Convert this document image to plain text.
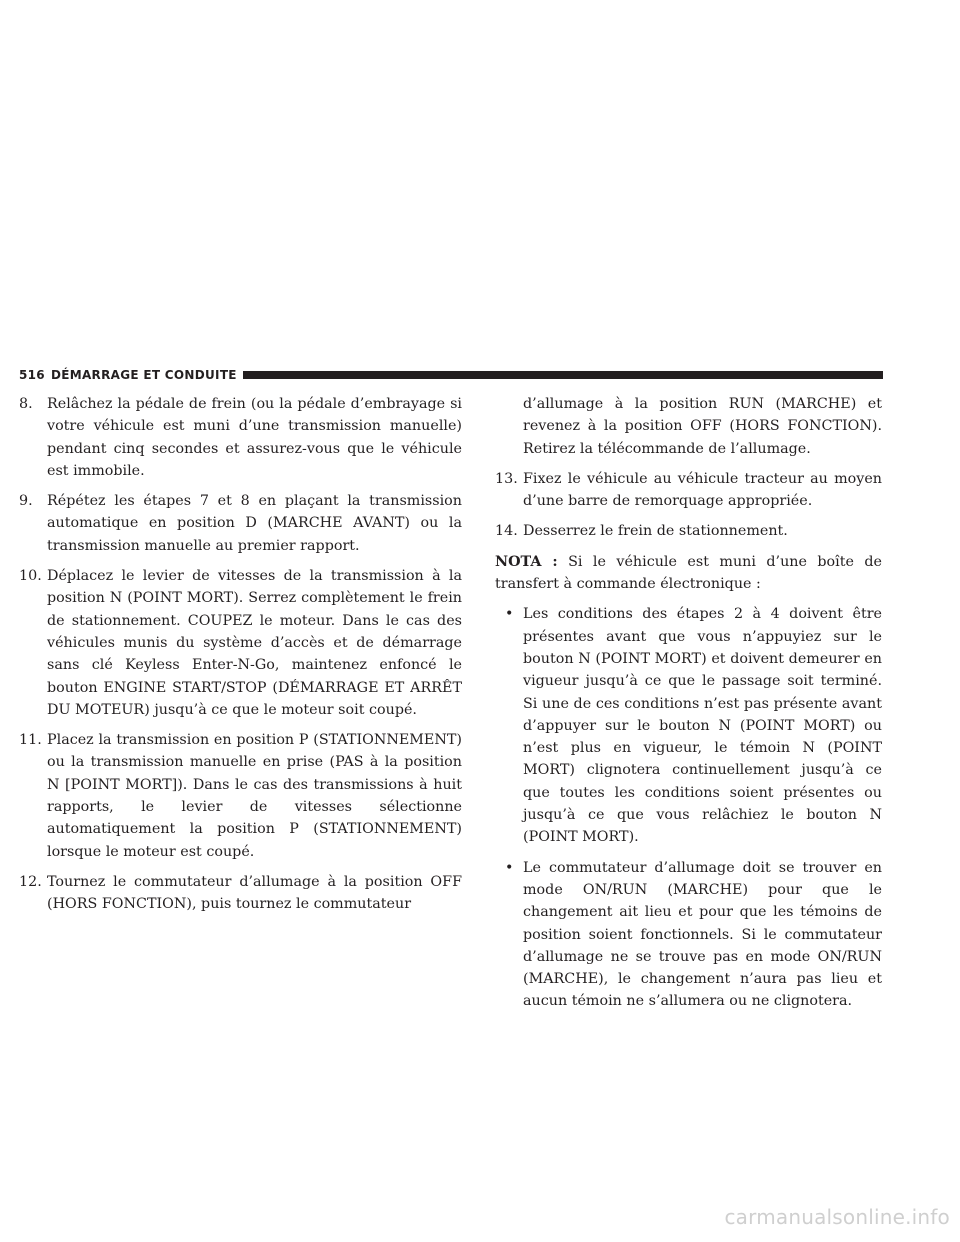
516 DÉMARRAGE ET CONDUITE
8. Relâchez la pédale de frein (ou la pédale d’embrayage si votre véhicule est muni d’une transmission manuelle) pendant cinq secondes et assurez-vous que le véhicule est immobile.
9. Répétez les étapes 7 et 8 en plaçant la transmission automatique en position D (MARCHE AVANT) ou la transmission manuelle au premier rapport.
10. Déplacez le levier de vitesses de la transmission à la position N (POINT MORT). Serrez complètement le frein de stationnement. COUPEZ le moteur. Dans le cas des véhicules munis du système d’accès et de démarrage sans clé Keyless Enter-N-Go, maintenez enfoncé le bouton ENGINE START/STOP (DÉMARRAGE ET ARRÊT DU MOTEUR) jusqu’à ce que le moteur soit coupé.
11. Placez la transmission en position P (STATIONNEMENT) ou la transmission manuelle en prise (PAS à la position N [POINT MORT]). Dans le cas des transmissions à huit rapports, le levier de vitesses sélectionne automatiquement la position P (STATIONNEMENT) lorsque le moteur est coupé.
12. Tournez le commutateur d’allumage à la position OFF (HORS FONCTION), puis tournez le commutateur
d’allumage à la position RUN (MARCHE) et revenez à la position OFF (HORS FONCTION). Retirez la télécommande de l’allumage.
13. Fixez le véhicule au véhicule tracteur au moyen d’une barre de remorquage appropriée.
14. Desserrez le frein de stationnement.
NOTA : Si le véhicule est muni d’une boîte de transfert à commande électronique :
• Les conditions des étapes 2 à 4 doivent être présentes avant que vous n’appuyiez sur le bouton N (POINT MORT) et doivent demeurer en vigueur jusqu’à ce que le passage soit terminé. Si une de ces conditions n’est pas présente avant d’appuyer sur le bouton N (POINT MORT) ou n’est plus en vigueur, le témoin N (POINT MORT) clignotera continuellement jusqu’à ce que toutes les conditions soient présentes ou jusqu’à ce que vous relâchiez le bouton N (POINT MORT).
• Le commutateur d’allumage doit se trouver en mode ON/RUN (MARCHE) pour que le changement ait lieu et pour que les témoins de position soient fonctionnels. Si le commutateur d’allumage ne se trouve pas en mode ON/RUN (MARCHE), le changement n’aura pas lieu et aucun témoin ne s’allumera ou ne clignotera.
carmanualsonline.info
